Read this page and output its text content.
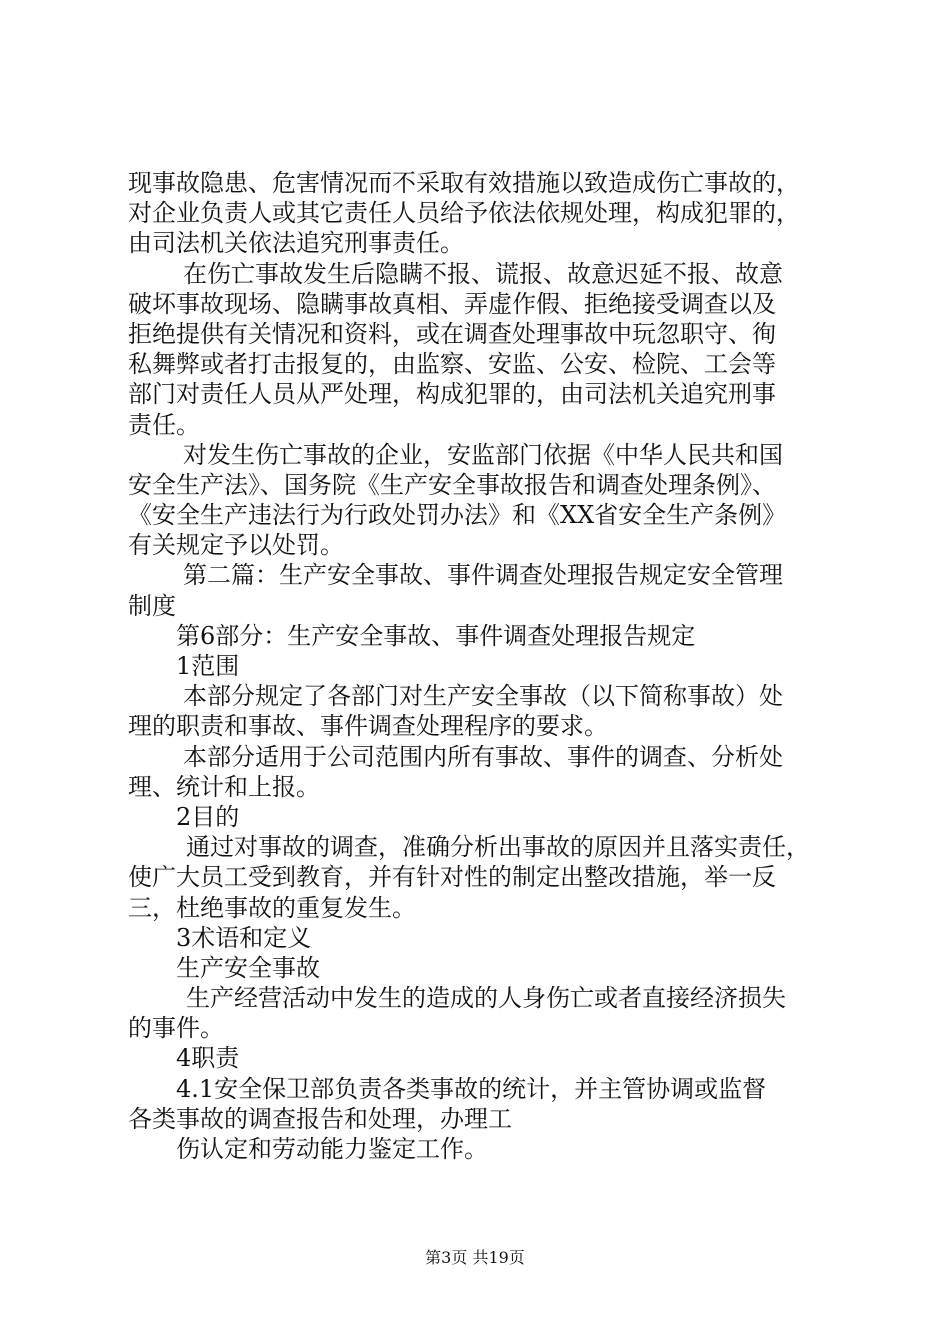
现事故隐患、危害情况而不采取有效措施以致造成伤亡事故的，
对企业负责人或其它责任人员给予依法依规处理，构成犯罪的，
由司法机关依法追究刑事责任。
在伤亡事故发生后隐瞒不报、谎报、故意迟延不报、故意
破坏事故现场、隐瞒事故真相、弄虚作假、拒绝接受调查以及
拒绝提供有关情况和资料，或在调查处理事故中玩忽职守、徇
私舞弊或者打击报复的，由监察、安监、公安、检院、工会等
部门对责任人员从严处理，构成犯罪的，由司法机关追究刑事
责任。
对发生伤亡事故的企业，安监部门依据《中华人民共和国
安全生产法》、国务院《生产安全事故报告和调查处理条例》、
《安全生产违法行为行政处罚办法》和《XX省安全生产条例》
有关规定予以处罚。
第二篇：生产安全事故、事件调查处理报告规定安全管理
制度
第6部分：生产安全事故、事件调查处理报告规定
1范围
本部分规定了各部门对生产安全事故（以下简称事故）处
理的职责和事故、事件调查处理程序的要求。
本部分适用于公司范围内所有事故、事件的调查、分析处
理、统计和上报。
2目的
通过对事故的调查，准确分析出事故的原因并且落实责任，
使广大员工受到教育，并有针对性的制定出整改措施，举一反
三，杜绝事故的重复发生。
3术语和定义
生产安全事故
生产经营活动中发生的造成的人身伤亡或者直接经济损失
的事件。
4职责
4.1安全保卫部负责各类事故的统计，并主管协调或监督
各类事故的调查报告和处理，办理工
伤认定和劳动能力鉴定工作。
第3页 共19页
